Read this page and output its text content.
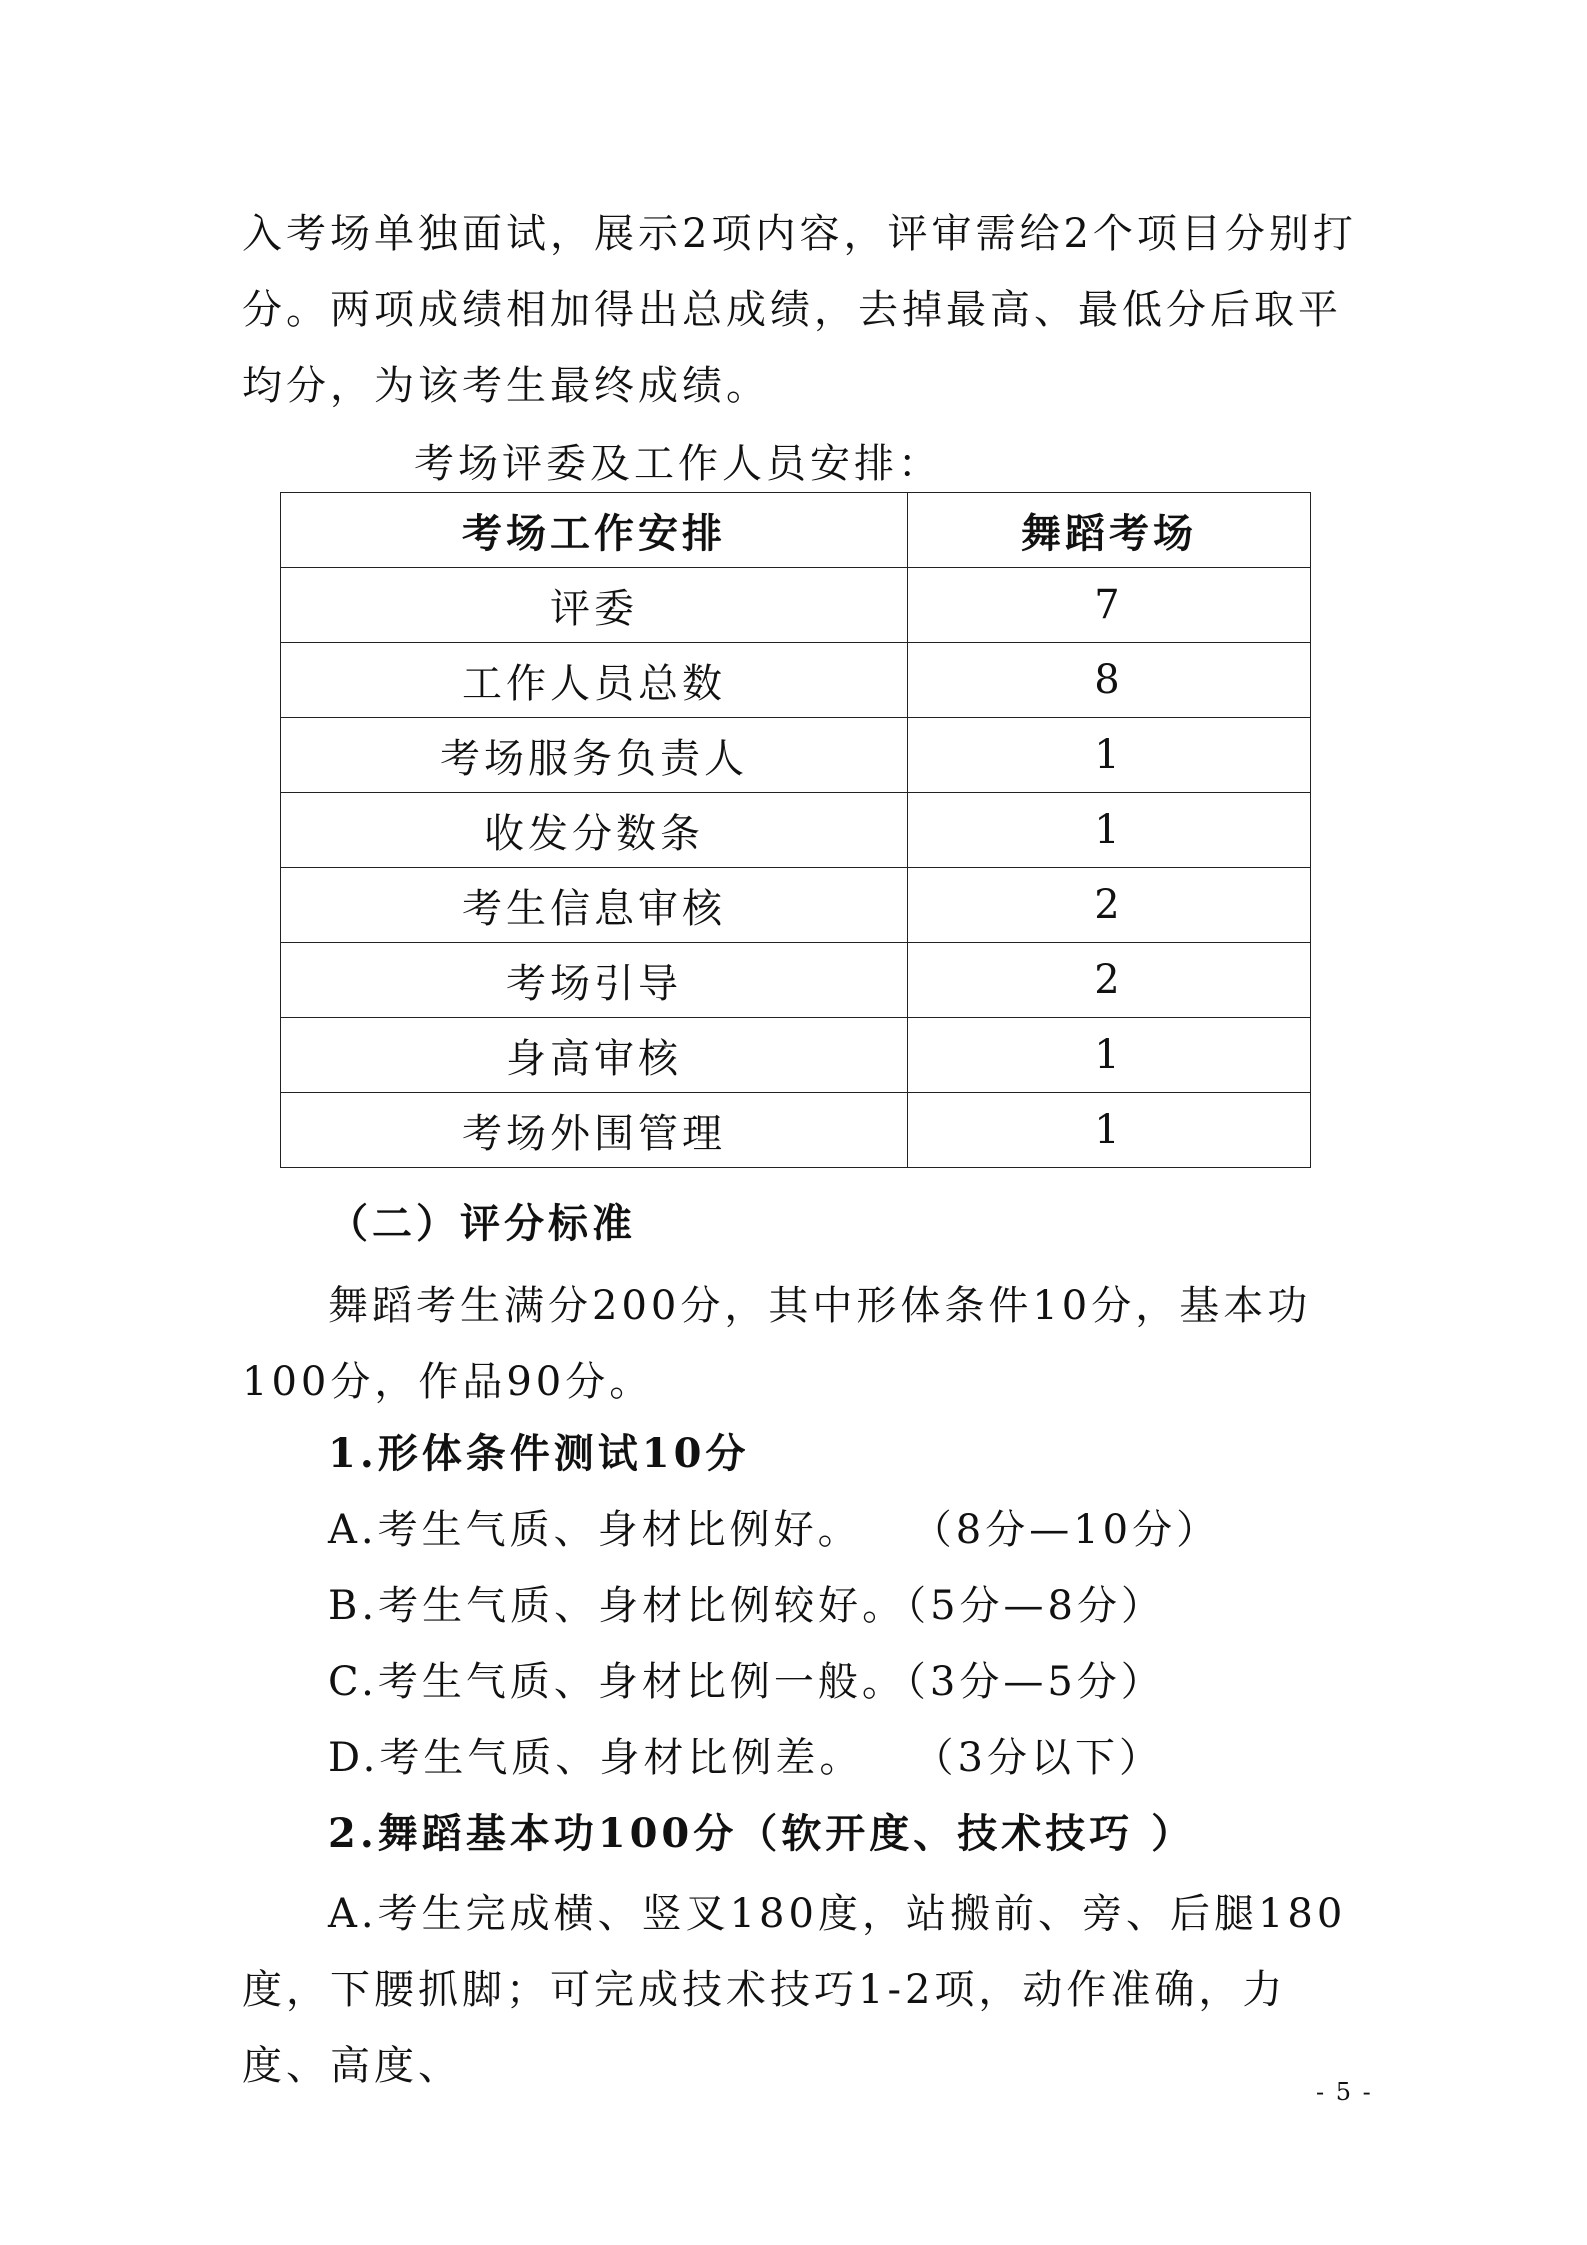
入考场单独面试，展示2项内容，评审需给2个项目分别打分。两项成绩相加得出总成绩，去掉最高、最低分后取平均分，为该考生最终成绩。

考场评委及工作人员安排：
考场工作安排	舞蹈考场
评委	7
工作人员总数	8
考场服务负责人	1
收发分数条	1
考生信息审核	2
考场引导	2
身高审核	1
考场外围管理	1
（二）评分标准

舞蹈考生满分200分，其中形体条件10分，基本功100分，作品90分。

1.形体条件测试10分
A.考生气质、身材比例好。   （8分—10分）
B.考生气质、身材比例较好。（5分—8分）
C.考生气质、身材比例一般。（3分—5分）
D.考生气质、身材比例差。   （3分以下）
2.舞蹈基本功100分（软开度、技术技巧 ）

A.考生完成横、竖叉180度，站搬前、旁、后腿180度，下腰抓脚；可完成技术技巧1-2项，动作准确，力度、高度、

- 5 -
